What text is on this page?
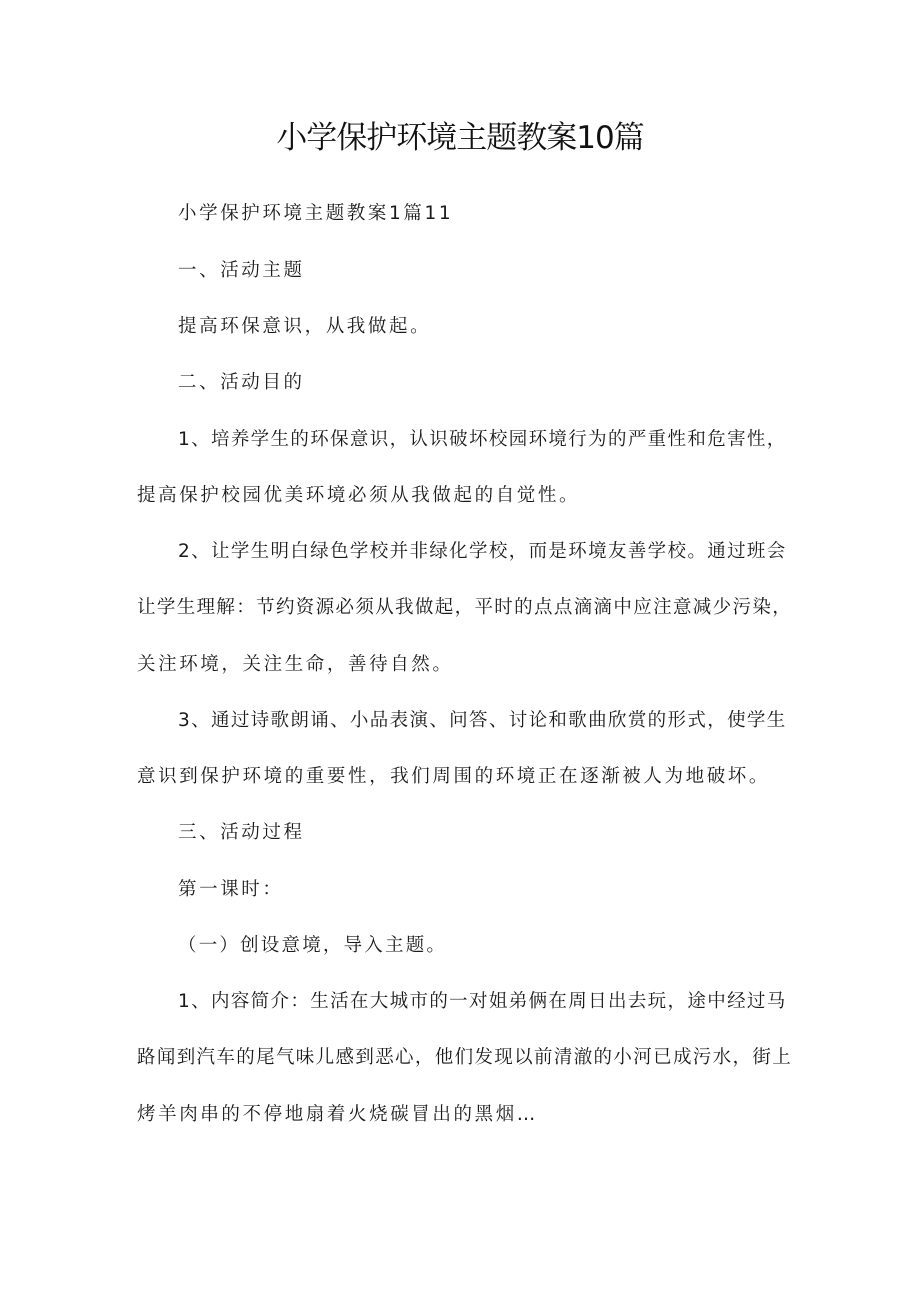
小学保护环境主题教案10篇
小学保护环境主题教案1篇11
一、活动主题
提高环保意识，从我做起。
二、活动目的
1、培养学生的环保意识，认识破坏校园环境行为的严重性和危害性，
提高保护校园优美环境必须从我做起的自觉性。
2、让学生明白绿色学校并非绿化学校，而是环境友善学校。通过班会
让学生理解：节约资源必须从我做起，平时的点点滴滴中应注意减少污染，
关注环境，关注生命，善待自然。
3、通过诗歌朗诵、小品表演、问答、讨论和歌曲欣赏的形式，使学生
意识到保护环境的重要性，我们周围的环境正在逐渐被人为地破坏。
三、活动过程
第一课时：
（一）创设意境，导入主题。
1、内容简介：生活在大城市的一对姐弟俩在周日出去玩，途中经过马
路闻到汽车的尾气味儿感到恶心，他们发现以前清澈的小河已成污水，街上
烤羊肉串的不停地扇着火烧碳冒出的黑烟…
